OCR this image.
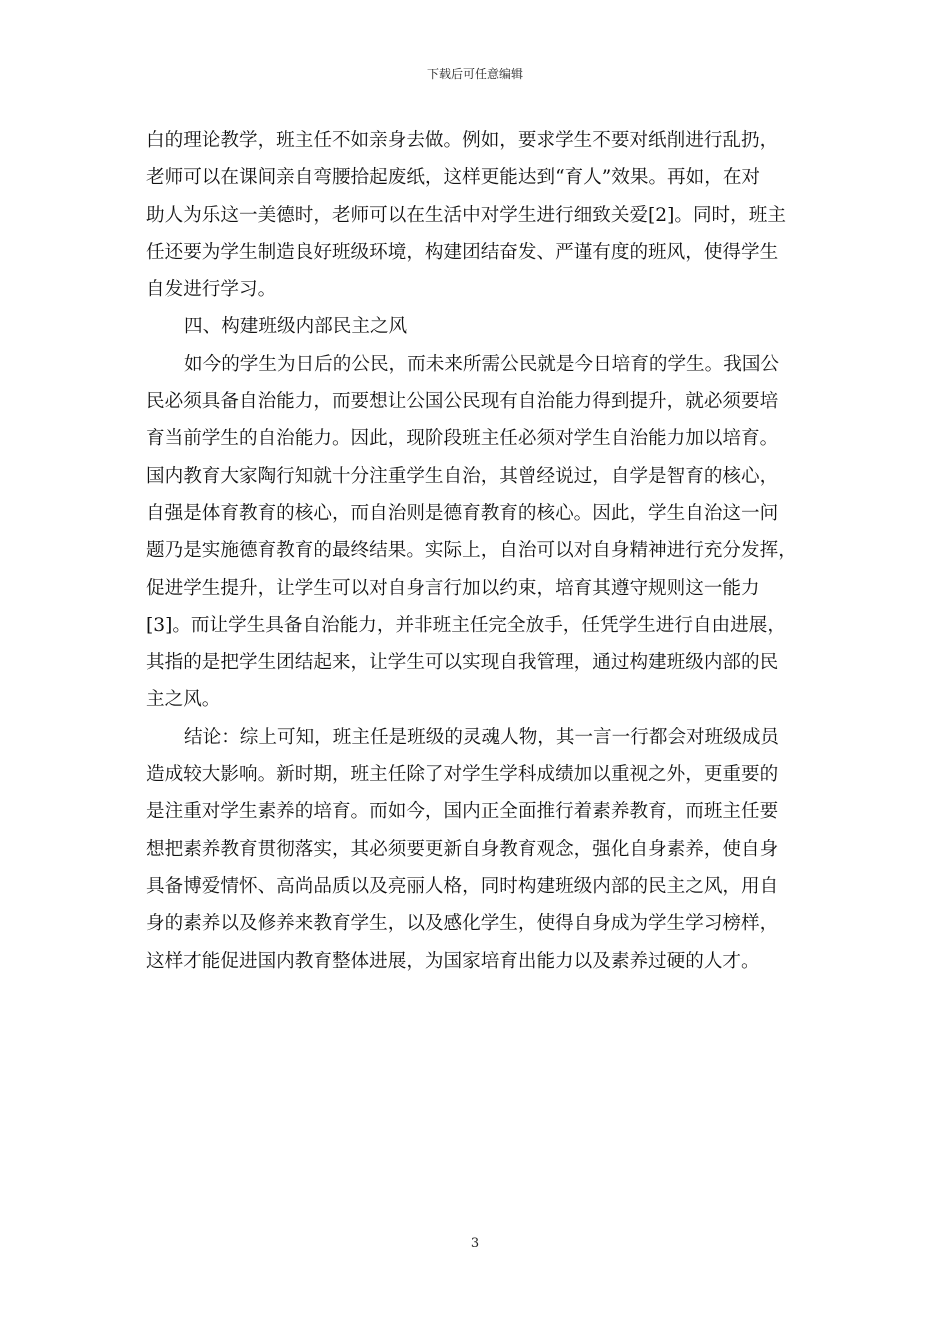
下载后可任意编辑
白的理论教学，班主任不如亲身去做。例如，要求学生不要对纸削进行乱扔，
老师可以在课间亲自弯腰拾起废纸，这样更能达到“育人”效果。再如，在对
助人为乐这一美德时，老师可以在生活中对学生进行细致关爱[2]。同时，班主
任还要为学生制造良好班级环境，构建团结奋发、严谨有度的班风，使得学生
自发进行学习。
四、构建班级内部民主之风
如今的学生为日后的公民，而未来所需公民就是今日培育的学生。我国公
民必须具备自治能力，而要想让公国公民现有自治能力得到提升，就必须要培
育当前学生的自治能力。因此，现阶段班主任必须对学生自治能力加以培育。
国内教育大家陶行知就十分注重学生自治，其曾经说过，自学是智育的核心，
自强是体育教育的核心，而自治则是德育教育的核心。因此，学生自治这一问
题乃是实施德育教育的最终结果。实际上，自治可以对自身精神进行充分发挥，
促进学生提升，让学生可以对自身言行加以约束，培育其遵守规则这一能力
[3]。而让学生具备自治能力，并非班主任完全放手，任凭学生进行自由进展，
其指的是把学生团结起来，让学生可以实现自我管理，通过构建班级内部的民
主之风。
结论：综上可知，班主任是班级的灵魂人物，其一言一行都会对班级成员
造成较大影响。新时期，班主任除了对学生学科成绩加以重视之外，更重要的
是注重对学生素养的培育。而如今，国内正全面推行着素养教育，而班主任要
想把素养教育贯彻落实，其必须要更新自身教育观念，强化自身素养，使自身
具备博爱情怀、高尚品质以及亮丽人格，同时构建班级内部的民主之风，用自
身的素养以及修养来教育学生，以及感化学生，使得自身成为学生学习榜样，
这样才能促进国内教育整体进展，为国家培育出能力以及素养过硬的人才。
3
